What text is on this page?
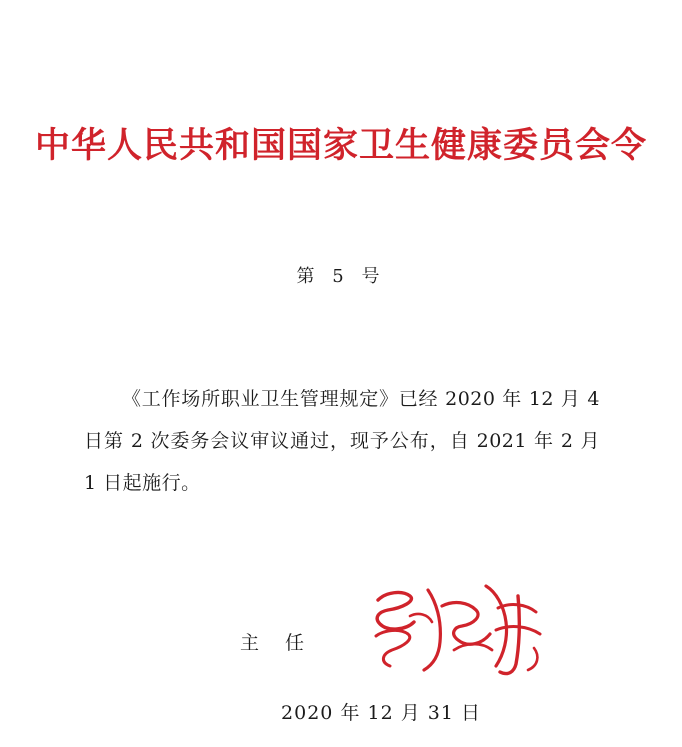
中华人民共和国国家卫生健康委员会令
第 5 号
《工作场所职业卫生管理规定》已经 2020 年 12 月 4 日第 2 次委务会议审议通过，现予公布，自 2021 年 2 月 1 日起施行。
主 任
2020 年 12 月 31 日
